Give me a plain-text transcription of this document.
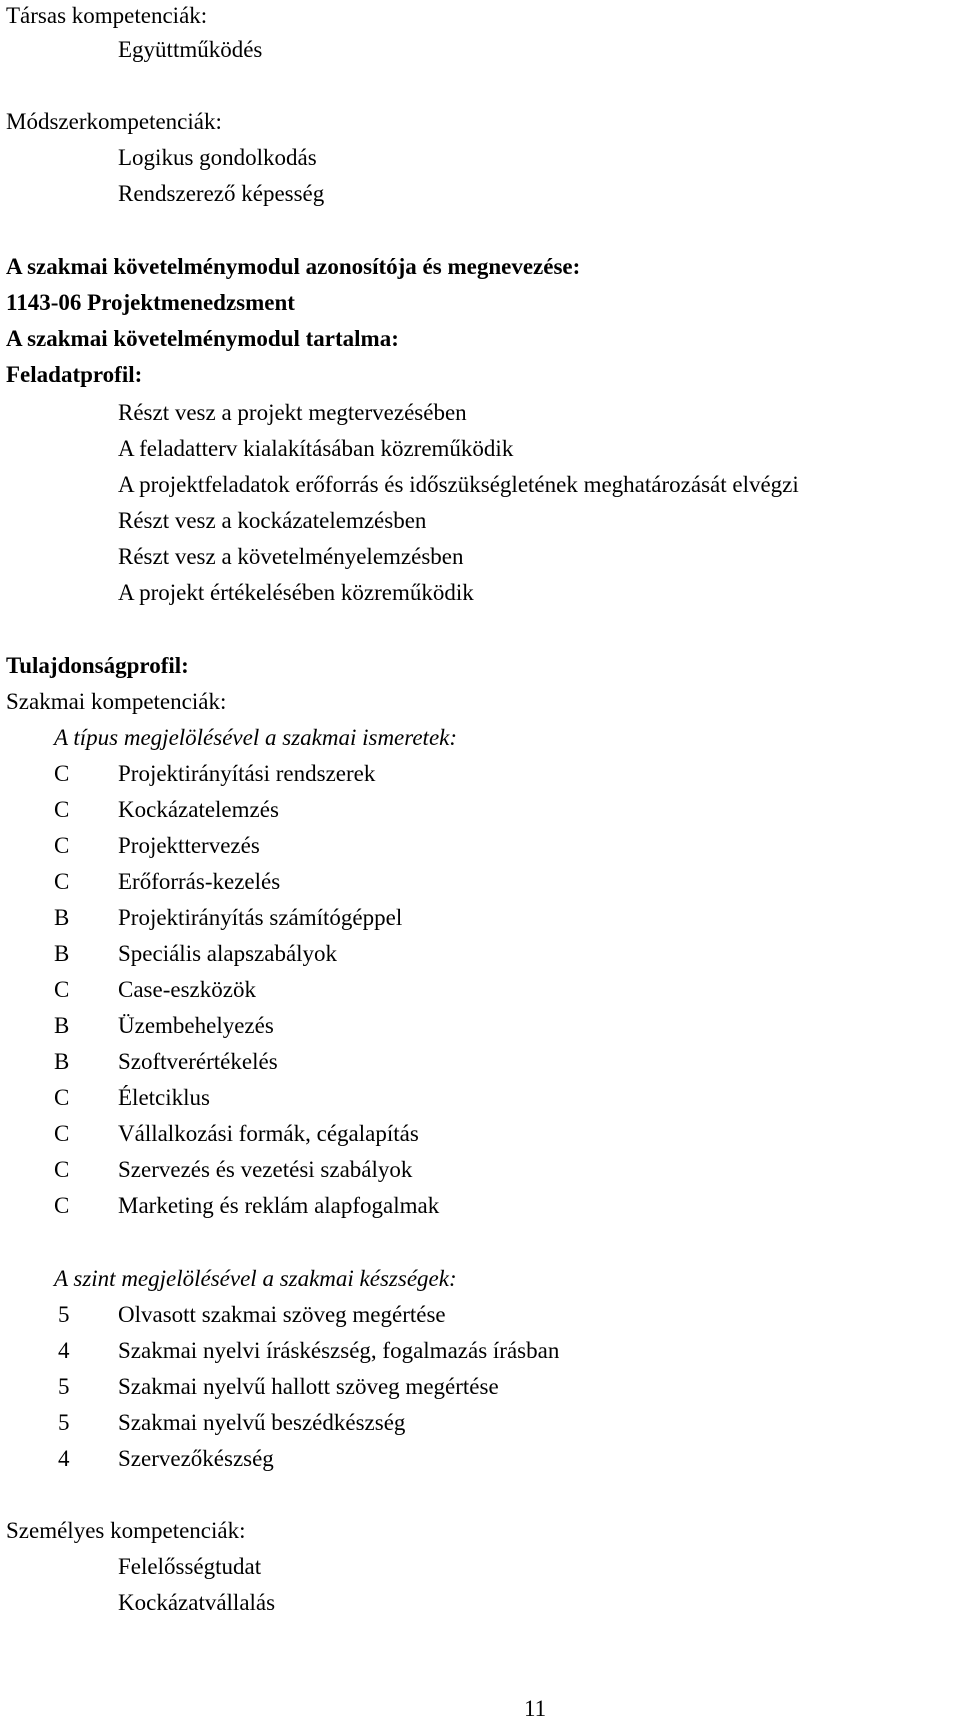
Társas kompetenciák:
Együttműködés
Módszerkompetenciák:
Logikus gondolkodás
Rendszerező képesség
A szakmai követelménymodul azonosítója és megnevezése:
1143-06 Projektmenedzsment
A szakmai követelménymodul tartalma:
Feladatprofil:
Részt vesz a projekt megtervezésében
A feladatterv kialakításában közreműködik
A projektfeladatok erőforrás és időszükségletének meghatározását elvégzi
Részt vesz a kockázatelemzésben
Részt vesz a követelményelemzésben
A projekt értékelésében közreműködik
Tulajdonságprofil:
Szakmai kompetenciák:
A típus megjelölésével a szakmai ismeretek:
C Projektirányítási rendszerek
C Kockázatelemzés
C Projekttervezés
C Erőforrás-kezelés
B Projektirányítás számítógéppel
B Speciális alapszabályok
C Case-eszközök
B Üzembehelyezés
B Szoftverértékelés
C Életciklus
C Vállalkozási formák, cégalapítás
C Szervezés és vezetési szabályok
C Marketing és reklám alapfogalmak
A szint megjelölésével a szakmai készségek:
5 Olvasott szakmai szöveg megértése
4 Szakmai nyelvi íráskészség, fogalmazás írásban
5 Szakmai nyelvű hallott szöveg megértése
5 Szakmai nyelvű beszédkészség
4 Szervezőkészség
Személyes kompetenciák:
Felelősségtudat
Kockázatvállalás
11
